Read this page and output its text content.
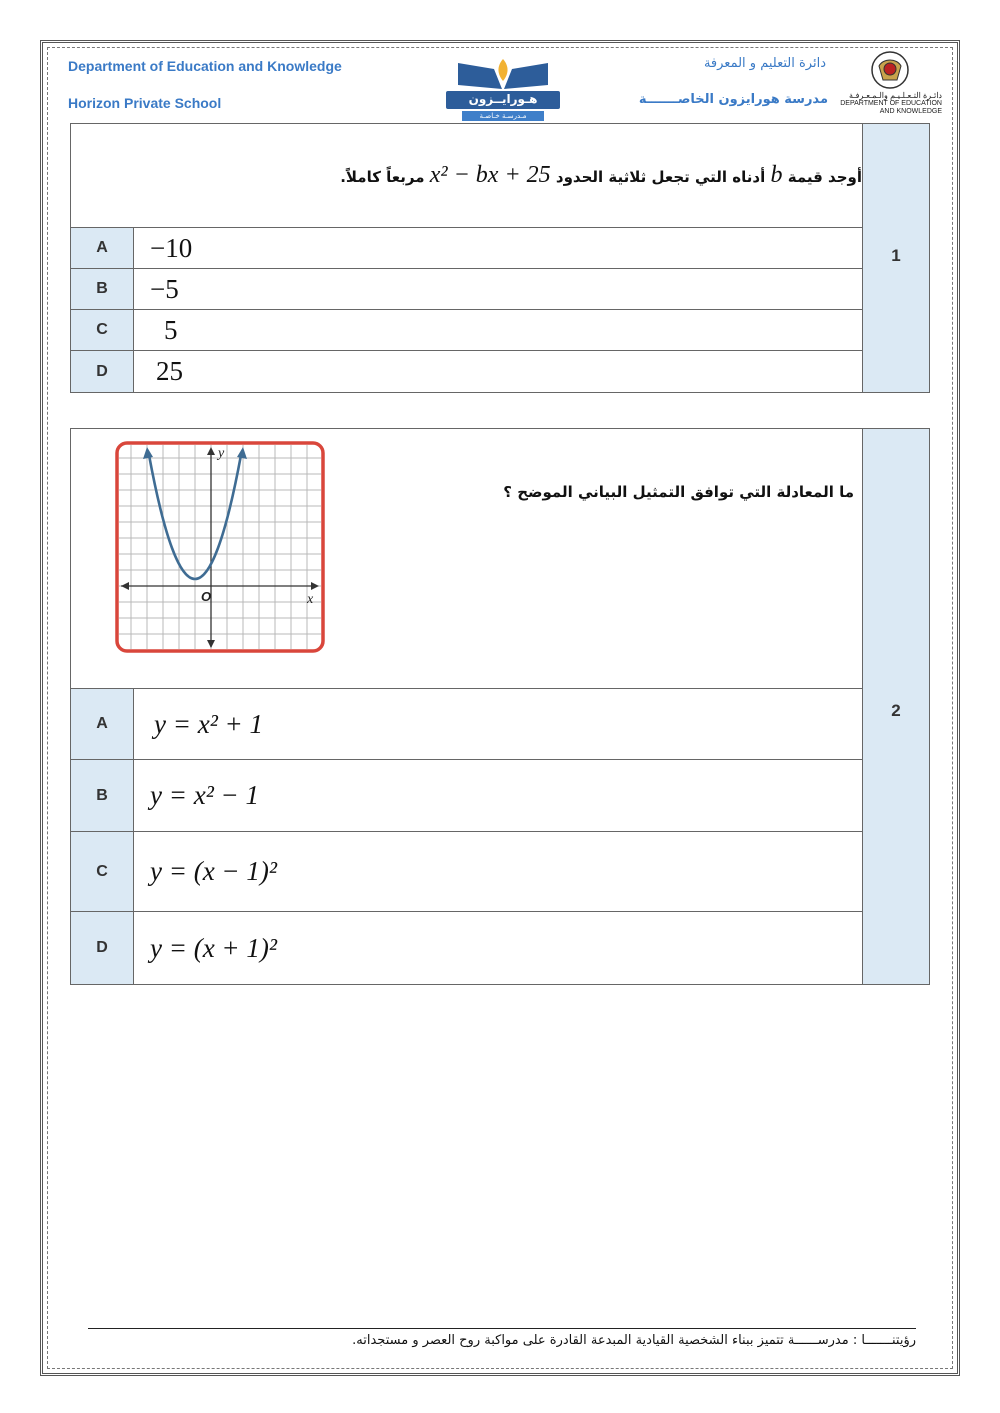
Department of Education and Knowledge
Horizon Private School
دائرة التعليم و المعرفة
مدرسة هورايزون الخاصـــــــة
هـورايــزون
مـدرسـة خـاصـة
دائـرة التـعـلـيـم والـمـعـرفـة
DEPARTMENT OF EDUCATION
AND KNOWLEDGE
أوجد قيمة b أدناه التي تجعل ثلاثية الحدود x² − bx + 25 مربعاً كاملاً.		1
A	−10	
B	−5	
C	5	
D	25	
ما المعادلة التي توافق التمثيل البياني الموضح ؟
y
x
O		2
A	y = x² + 1	
B	y = x² − 1	
C	y = (x − 1)²	
D	y = (x + 1)²	
رؤيتنـــــــا : مدرســــــة تتميز ببناء الشخصية القيادية المبدعة القادرة على مواكبة روح العصر و مستجداته.
